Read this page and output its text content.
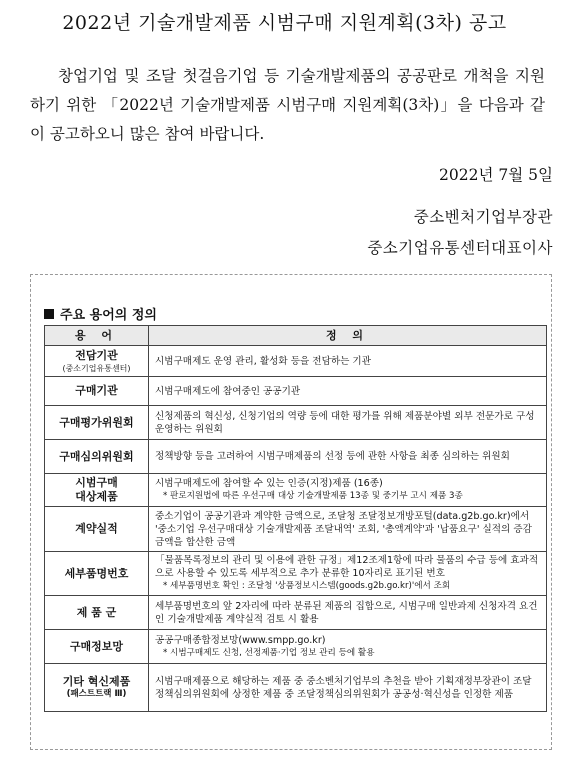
2022년 기술개발제품 시범구매 지원계획(3차) 공고
창업기업 및 조달 첫걸음기업 등 기술개발제품의 공공판로 개척을 지원하기 위한 「2022년 기술개발제품 시범구매 지원계획(3차)」을 다음과 같이 공고하오니 많은 참여 바랍니다.
2022년 7월 5일
중소벤처기업부장관
중소기업유통센터대표이사
주요 용어의 정의
용 어	정 의
전담기관
(중소기업유통센터)	시범구매제도 운영 관리, 활성화 등을 전담하는 기관
구매기관	시범구매제도에 참여중인 공공기관
구매평가위원회	신청제품의 혁신성, 신청기업의 역량 등에 대한 평가를 위해 제품분야별 외부 전문가로 구성운영하는 위원회
구매심의위원회	정책방향 등을 고려하여 시범구매제품의 선정 등에 관한 사항을 최종 심의하는 위원회
시범구매
대상제품	시범구매제도에 참여할 수 있는 인증(지정)제품 (16종)
* 판로지원법에 따른 우선구매 대상 기술개발제품 13종 및 중기부 고시 제품 3종

계약실적	중소기업이 공공기관과 계약한 금액으로, 조달청 조달정보개방포털(data.g2b.go.kr)에서 '중소기업 우선구매대상 기술개발제품 조달내역' 조회, '총액계약'과 '납품요구' 실적의 증감금액을 합산한 금액
세부품명번호	「물품목록정보의 관리 및 이용에 관한 규정」제12조제1항에 따라 물품의 수급 등에 효과적으로 사용할 수 있도록 세부적으로 추가 분류한 10자리로 표기된 번호
* 세부품명번호 확인 : 조달청 '상품정보시스템(goods.g2b.go.kr)'에서 조회

제 품 군	세부품명번호의 앞 2자리에 따라 분류된 제품의 집합으로, 시범구매 일반과제 신청자격 요건인 기술개발제품 계약실적 검토 시 활용
구매정보망	공공구매종합정보망(www.smpp.go.kr)
* 시범구매제도 신청, 선정제품·기업 정보 관리 등에 활용

기타 혁신제품
(패스트트랙 Ⅲ)	시범구매제품으로 해당하는 제품 중 중소벤처기업부의 추천을 받아 기획재정부장관이 조달정책심의위원회에 상정한 제품 중 조달정책심의위원회가 공공성·혁신성을 인정한 제품
